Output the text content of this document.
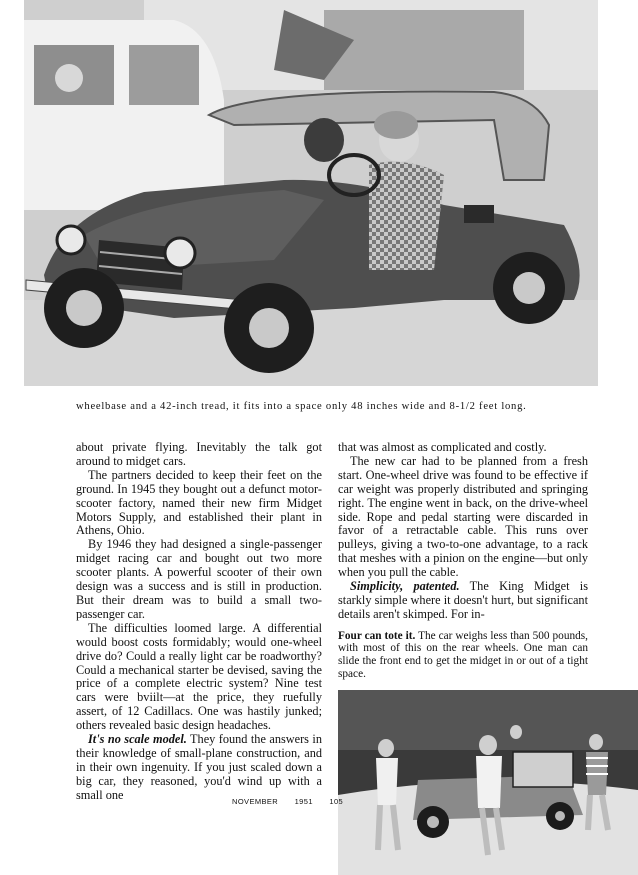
wheelbase and a 42-inch tread, it fits into a space only 48 inches wide and 8-1/2 feet long.

about private flying. Inevitably the talk got around to midget cars.

The partners decided to keep their feet on the ground. In 1945 they bought out a defunct motor-scooter factory, named their new firm Midget Motors Supply, and established their plant in Athens, Ohio.

By 1946 they had designed a single-passenger midget racing car and bought out two more scooter plants. A powerful scooter of their own design was a success and is still in production. But their dream was to build a small two-passenger car.

The difficulties loomed large. A differential would boost costs formidably; would one-wheel drive do? Could a really light car be roadworthy? Could a mechanical starter be devised, saving the price of a complete electric system? Nine test cars were bviilt—at the price, they ruefully assert, of 12 Cadillacs. One was hastily junked; others revealed basic design headaches.

It's no scale model. They found the answers in their knowledge of small-plane construction, and in their own ingenuity. If you just scaled down a big car, they reasoned, you'd wind up with a small one

that was almost as complicated and costly.

The new car had to be planned from a fresh start. One-wheel drive was found to be effective if car weight was properly distributed and springing right. The engine went in back, on the drive-wheel side. Rope and pedal starting were discarded in favor of a retractable cable. This runs over pulleys, giving a two-to-one advantage, to a rack that meshes with a pinion on the engine—but only when you pull the cable.

Simplicity, patented. The King Midget is starkly simple where it doesn't hurt, but significant details aren't skimped. For in-

Four can tote it. The car weighs less than 500 pounds, with most of this on the rear wheels. One man can slide the front end to get the midget in or out of a tight space.
NOVEMBER 1951 105
